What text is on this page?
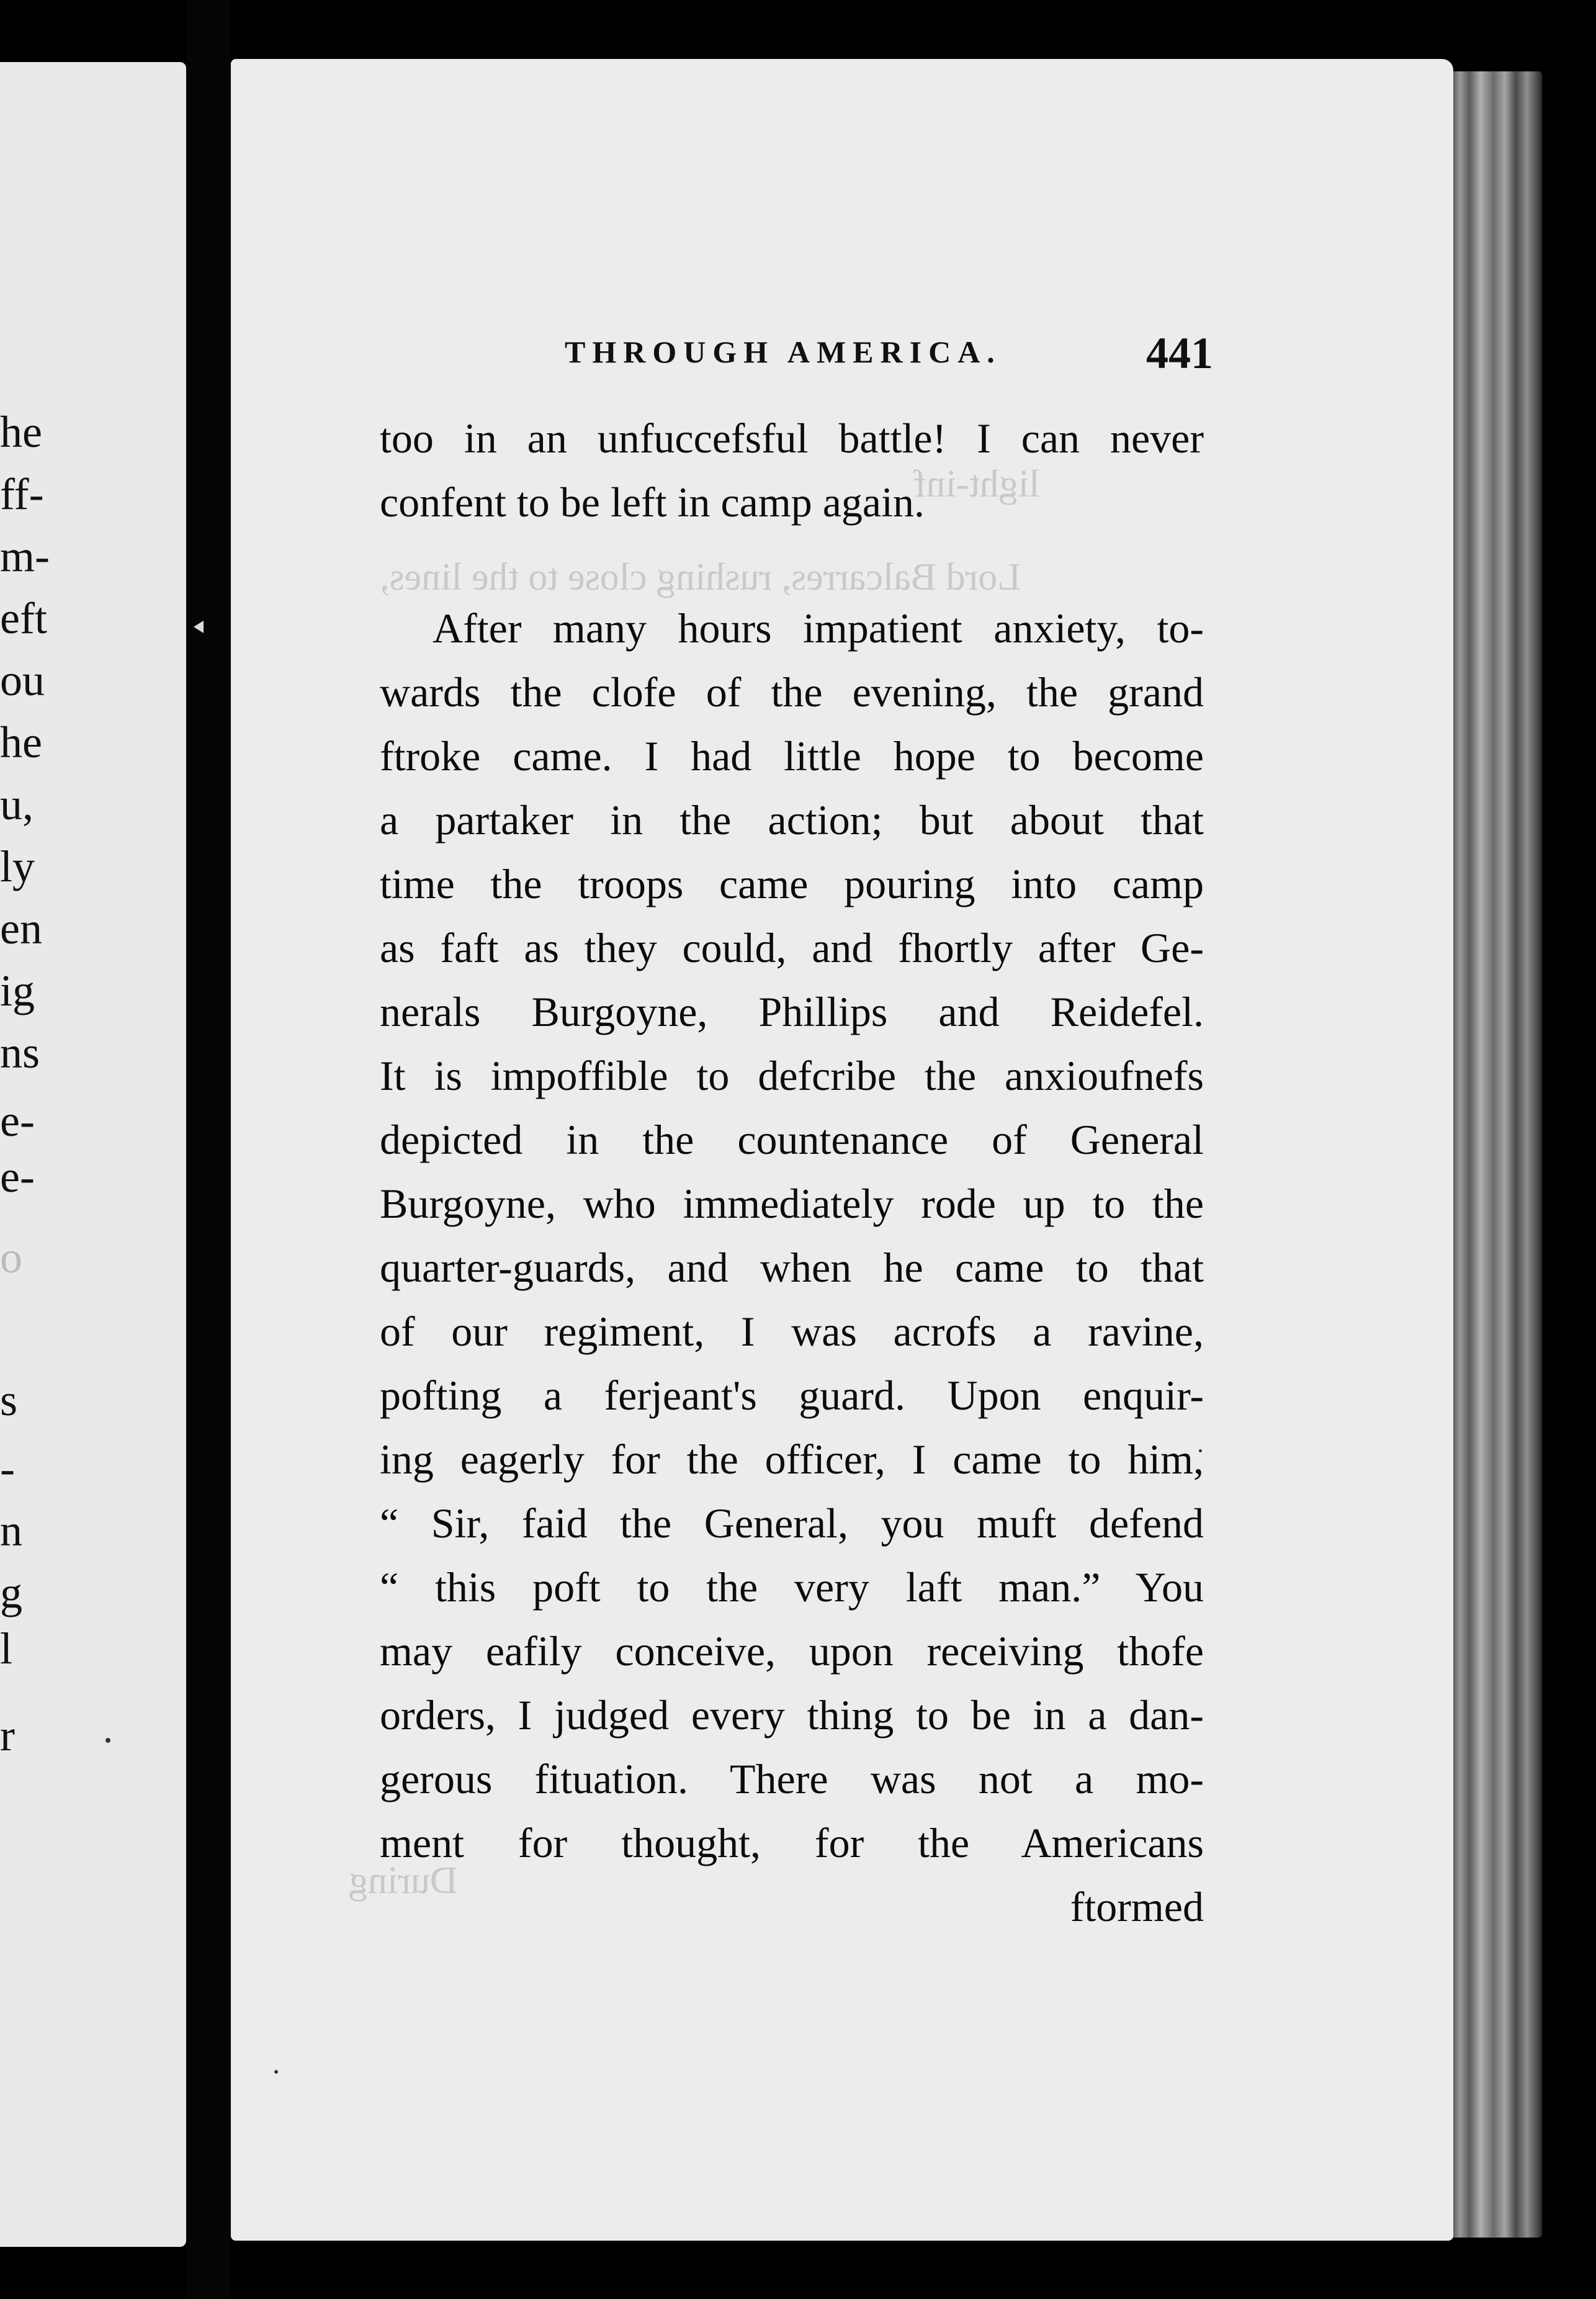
he
ff-
m-
eft
ou
he
u,
ly
en
ig
ns
e-
e-
o
s
-
n
g
l
r
Lord Balcarres, rushing close to the lines,
light-inf
During
THROUGH AMERICA.	441
too in an unfuccefsful battle! I can never
confent to be left in camp again.
After many hours impatient anxiety, to-
wards the clofe of the evening, the grand
ftroke came. I had little hope to become
a partaker in the action; but about that
time the troops came pouring into camp
as faft as they could, and fhortly after Ge-
nerals Burgoyne, Phillips and Reidefel.
It is impoffible to defcribe the anxioufnefs
depicted in the countenance of General
Burgoyne, who immediately rode up to the
quarter-guards, and when he came to that
of our regiment, I was acrofs a ravine,
pofting a ferjeant's guard. Upon enquir-
ing eagerly for the officer, I came to him,
“ Sir, faid the General, you muft defend
“ this poft to the very laft man.” You
may eafily conceive, upon receiving thofe
orders, I judged every thing to be in a dan-
gerous fituation. There was not a mo-
ment for thought, for the Americans
ftormed
